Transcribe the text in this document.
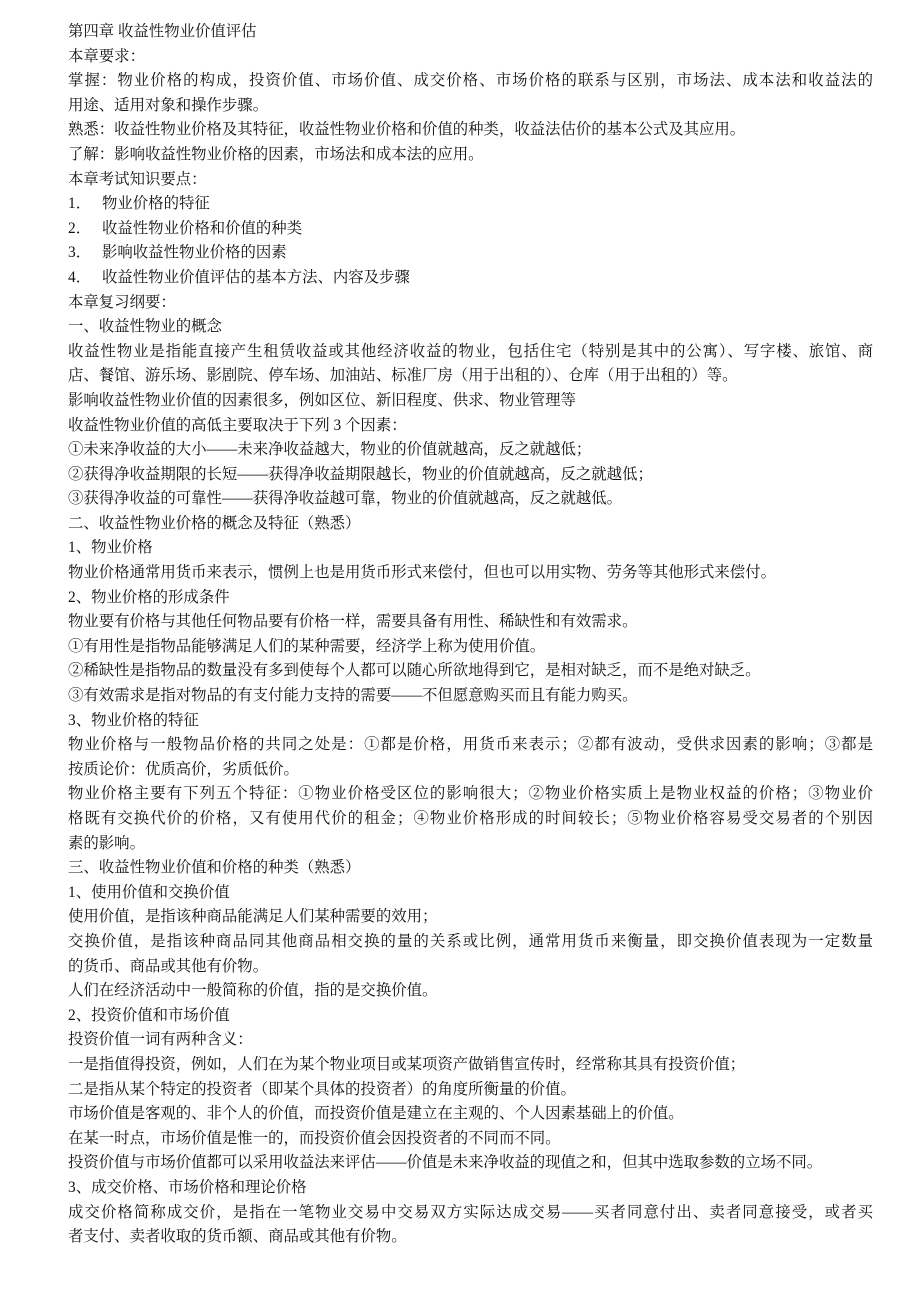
第四章 收益性物业价值评估
本章要求：
掌握：物业价格的构成，投资价值、市场价值、成交价格、市场价格的联系与区别，市场法、成本法和收益法的
用途、适用对象和操作步骤。
熟悉：收益性物业价格及其特征，收益性物业价格和价值的种类，收益法估价的基本公式及其应用。
了解：影响收益性物业价格的因素，市场法和成本法的应用。
本章考试知识要点：
1． 物业价格的特征
2． 收益性物业价格和价值的种类
3． 影响收益性物业价格的因素
4． 收益性物业价值评估的基本方法、内容及步骤
本章复习纲要：
一、收益性物业的概念
收益性物业是指能直接产生租赁收益或其他经济收益的物业，包括住宅（特别是其中的公寓）、写字楼、旅馆、商
店、餐馆、游乐场、影剧院、停车场、加油站、标准厂房（用于出租的）、仓库（用于出租的）等。
影响收益性物业价值的因素很多，例如区位、新旧程度、供求、物业管理等
收益性物业价值的高低主要取决于下列 3 个因素：
①未来净收益的大小——未来净收益越大，物业的价值就越高，反之就越低；
②获得净收益期限的长短——获得净收益期限越长，物业的价值就越高，反之就越低；
③获得净收益的可靠性——获得净收益越可靠，物业的价值就越高，反之就越低。
二、收益性物业价格的概念及特征（熟悉）
1、物业价格
物业价格通常用货币来表示，惯例上也是用货币形式来偿付，但也可以用实物、劳务等其他形式来偿付。
2、物业价格的形成条件
物业要有价格与其他任何物品要有价格一样，需要具备有用性、稀缺性和有效需求。
①有用性是指物品能够满足人们的某种需要，经济学上称为使用价值。
②稀缺性是指物品的数量没有多到使每个人都可以随心所欲地得到它，是相对缺乏，而不是绝对缺乏。
③有效需求是指对物品的有支付能力支持的需要——不但愿意购买而且有能力购买。
3、物业价格的特征
物业价格与一般物品价格的共同之处是：①都是价格，用货币来表示；②都有波动，受供求因素的影响；③都是
按质论价：优质高价，劣质低价。
物业价格主要有下列五个特征：①物业价格受区位的影响很大；②物业价格实质上是物业权益的价格；③物业价
格既有交换代价的价格，又有使用代价的租金；④物业价格形成的时间较长；⑤物业价格容易受交易者的个别因
素的影响。
三、收益性物业价值和价格的种类（熟悉）
1、使用价值和交换价值
使用价值，是指该种商品能满足人们某种需要的效用；
交换价值，是指该种商品同其他商品相交换的量的关系或比例，通常用货币来衡量，即交换价值表现为一定数量
的货币、商品或其他有价物。
人们在经济活动中一般简称的价值，指的是交换价值。
2、投资价值和市场价值
投资价值一词有两种含义：
一是指值得投资，例如，人们在为某个物业项目或某项资产做销售宣传时，经常称其具有投资价值；
二是指从某个特定的投资者（即某个具体的投资者）的角度所衡量的价值。
市场价值是客观的、非个人的价值，而投资价值是建立在主观的、个人因素基础上的价值。
在某一时点，市场价值是惟一的，而投资价值会因投资者的不同而不同。
投资价值与市场价值都可以采用收益法来评估——价值是未来净收益的现值之和，但其中选取参数的立场不同。
3、成交价格、市场价格和理论价格
成交价格简称成交价，是指在一笔物业交易中交易双方实际达成交易——买者同意付出、卖者同意接受，或者买
者支付、卖者收取的货币额、商品或其他有价物。
